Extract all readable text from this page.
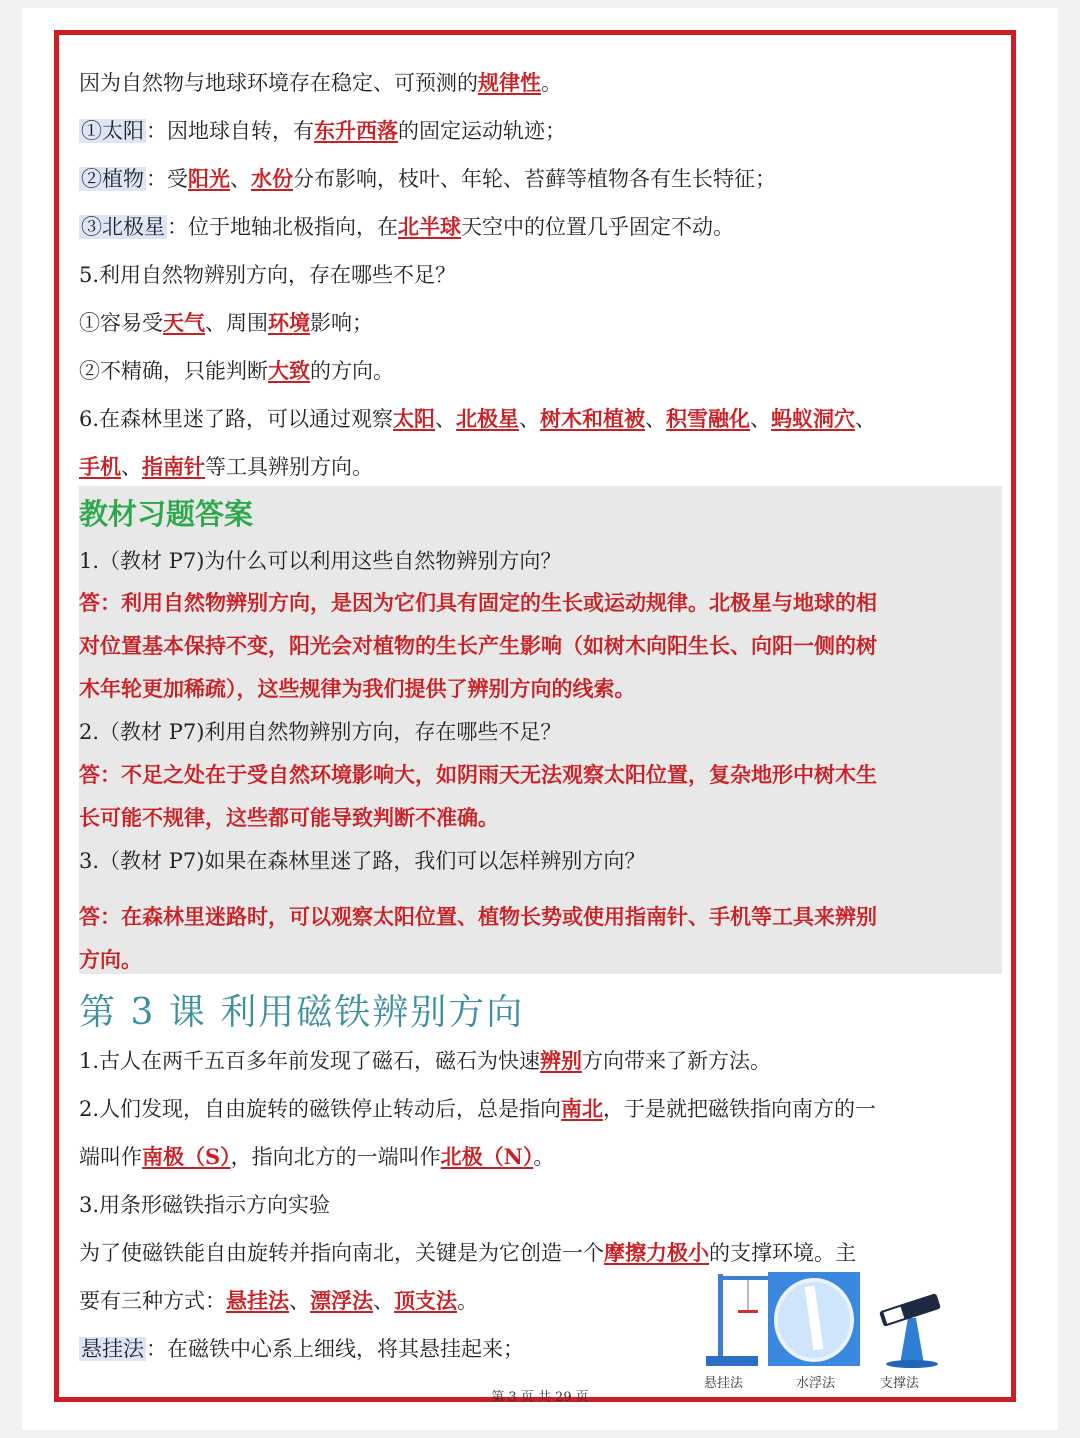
因为自然物与地球环境存在稳定、可预测的规律性。
①太阳：因地球自转，有东升西落的固定运动轨迹；
②植物：受阳光、水份分布影响，枝叶、年轮、苔藓等植物各有生长特征；
③北极星：位于地轴北极指向，在北半球天空中的位置几乎固定不动。
5.利用自然物辨别方向，存在哪些不足？
①容易受天气、周围环境影响；
②不精确，只能判断大致的方向。
6.在森林里迷了路，可以通过观察太阳、北极星、树木和植被、积雪融化、蚂蚁洞穴、
手机、指南针等工具辨别方向。
教材习题答案
1.（教材 P7)为什么可以利用这些自然物辨别方向？
答：利用自然物辨别方向，是因为它们具有固定的生长或运动规律。北极星与地球的相
对位置基本保持不变，阳光会对植物的生长产生影响（如树木向阳生长、向阳一侧的树
木年轮更加稀疏），这些规律为我们提供了辨别方向的线索。
2.（教材 P7)利用自然物辨别方向，存在哪些不足？
答：不足之处在于受自然环境影响大，如阴雨天无法观察太阳位置，复杂地形中树木生
长可能不规律，这些都可能导致判断不准确。
3.（教材 P7)如果在森林里迷了路，我们可以怎样辨别方向？
答：在森林里迷路时，可以观察太阳位置、植物长势或使用指南针、手机等工具来辨别
方向。
第 3 课 利用磁铁辨别方向
1.古人在两千五百多年前发现了磁石，磁石为快速辨别方向带来了新方法。
2.人们发现，自由旋转的磁铁停止转动后，总是指向南北，于是就把磁铁指向南方的一
端叫作南极（S），指向北方的一端叫作北极（N）。
3.用条形磁铁指示方向实验
为了使磁铁能自由旋转并指向南北，关键是为它创造一个摩擦力极小的支撑环境。主
要有三种方式：悬挂法、漂浮法、顶支法。
悬挂法：在磁铁中心系上细线，将其悬挂起来；
悬挂法	水浮法	支撑法
第 3 页 共 29 页
